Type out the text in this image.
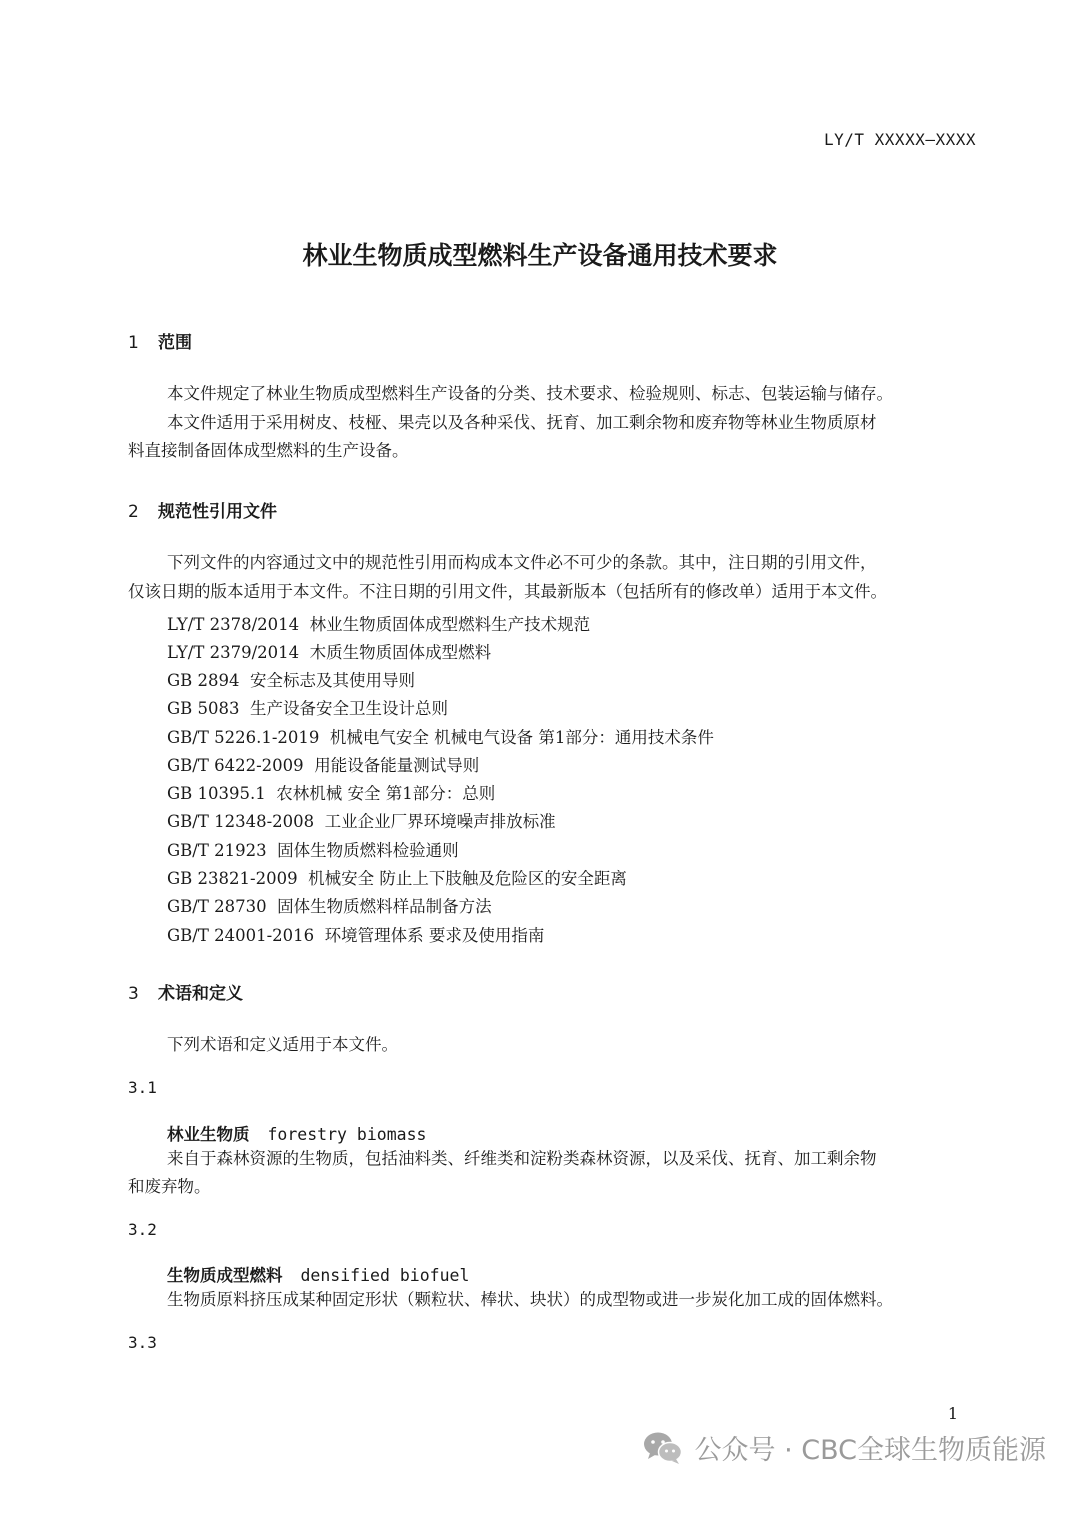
LY/T XXXXX—XXXX
林业生物质成型燃料生产设备通用技术要求
1 范围
本文件规定了林业生物质成型燃料生产设备的分类、技术要求、检验规则、标志、包装运输与储存。
本文件适用于采用树皮、枝桠、果壳以及各种采伐、抚育、加工剩余物和废弃物等林业生物质原材
料直接制备固体成型燃料的生产设备。
2 规范性引用文件
下列文件的内容通过文中的规范性引用而构成本文件必不可少的条款。其中，注日期的引用文件，
仅该日期的版本适用于本文件。不注日期的引用文件，其最新版本（包括所有的修改单）适用于本文件。
LY/T 2378/2014 林业生物质固体成型燃料生产技术规范
LY/T 2379/2014 木质生物质固体成型燃料
GB 2894 安全标志及其使用导则
GB 5083 生产设备安全卫生设计总则
GB/T 5226.1-2019 机械电气安全 机械电气设备 第1部分：通用技术条件
GB/T 6422-2009 用能设备能量测试导则
GB 10395.1 农林机械 安全 第1部分：总则
GB/T 12348-2008 工业企业厂界环境噪声排放标准
GB/T 21923 固体生物质燃料检验通则
GB 23821-2009 机械安全 防止上下肢触及危险区的安全距离
GB/T 28730 固体生物质燃料样品制备方法
GB/T 24001-2016 环境管理体系 要求及使用指南
3 术语和定义
下列术语和定义适用于本文件。
3.1
林业生物质 forestry biomass
来自于森林资源的生物质，包括油料类、纤维类和淀粉类森林资源，以及采伐、抚育、加工剩余物
和废弃物。
3.2
生物质成型燃料 densified biofuel
生物质原料挤压成某种固定形状（颗粒状、棒状、块状）的成型物或进一步炭化加工成的固体燃料。
3.3
1
公众号 · CBC全球生物质能源
